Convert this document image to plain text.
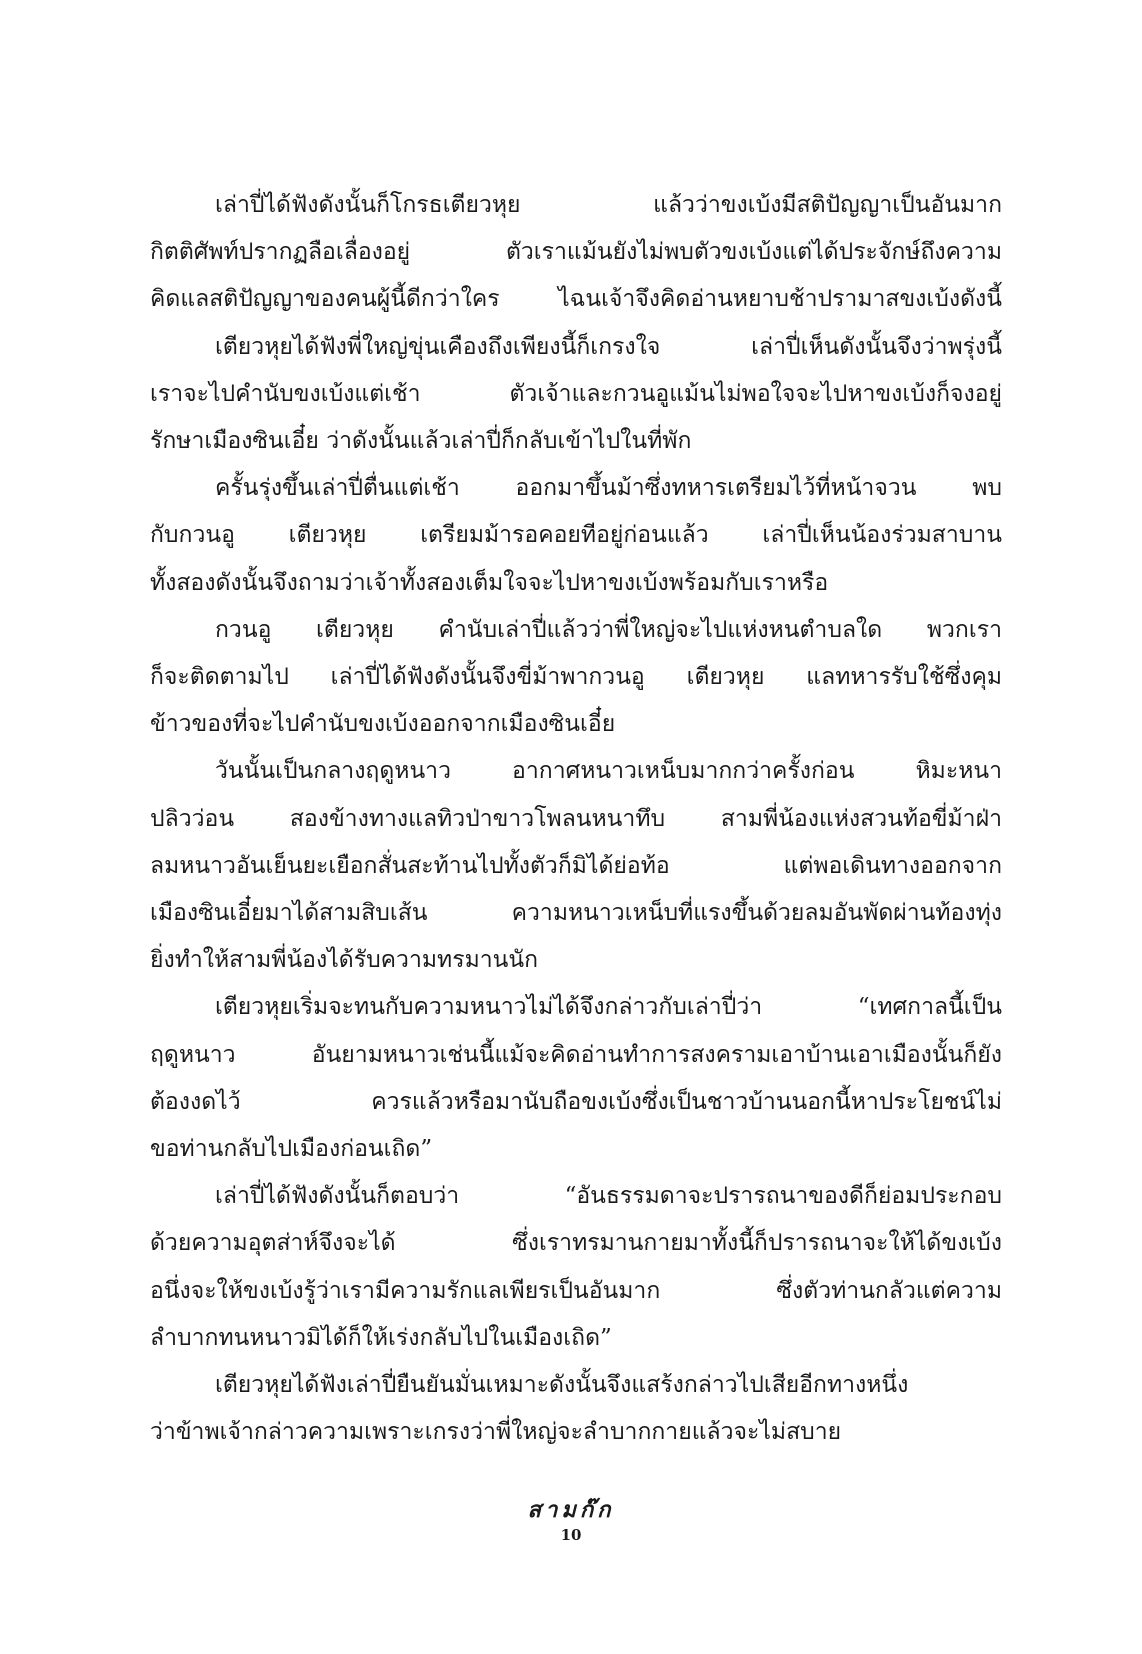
เล่าปี่ได้ฟังดังนั้นก็โกรธเตียวหุย แล้วว่าขงเบ้งมีสติปัญญาเป็นอันมาก
กิตติศัพท์ปรากฏลือเลื่องอยู่ ตัวเราแม้นยังไม่พบตัวขงเบ้งแต่ได้ประจักษ์ถึงความ
คิดแลสติปัญญาของคนผู้นี้ดีกว่าใคร ไฉนเจ้าจึงคิดอ่านหยาบช้าปรามาสขงเบ้งดังนี้
เตียวหุยได้ฟังพี่ใหญ่ขุ่นเคืองถึงเพียงนี้ก็เกรงใจ เล่าปี่เห็นดังนั้นจึงว่าพรุ่งนี้
เราจะไปคำนับขงเบ้งแต่เช้า ตัวเจ้าและกวนอูแม้นไม่พอใจจะไปหาขงเบ้งก็จงอยู่
รักษาเมืองซินเอี๋ย ว่าดังนั้นแล้วเล่าปี่ก็กลับเข้าไปในที่พัก
ครั้นรุ่งขึ้นเล่าปี่ตื่นแต่เช้า ออกมาขึ้นม้าซึ่งทหารเตรียมไว้ที่หน้าจวน พบ
กับกวนอู เตียวหุย เตรียมม้ารอคอยทีอยู่ก่อนแล้ว เล่าปี่เห็นน้องร่วมสาบาน
ทั้งสองดังนั้นจึงถามว่าเจ้าทั้งสองเต็มใจจะไปหาขงเบ้งพร้อมกับเราหรือ
กวนอู เตียวหุย คำนับเล่าปี่แล้วว่าพี่ใหญ่จะไปแห่งหนตำบลใด พวกเรา
ก็จะติดตามไป เล่าปี่ได้ฟังดังนั้นจึงขี่ม้าพากวนอู เตียวหุย แลทหารรับใช้ซึ่งคุม
ข้าวของที่จะไปคำนับขงเบ้งออกจากเมืองซินเอี๋ย
วันนั้นเป็นกลางฤดูหนาว อากาศหนาวเหน็บมากกว่าครั้งก่อน หิมะหนา
ปลิวว่อน สองข้างทางแลทิวป่าขาวโพลนหนาทึบ สามพี่น้องแห่งสวนท้อขี่ม้าฝ่า
ลมหนาวอันเย็นยะเยือกสั่นสะท้านไปทั้งตัวก็มิได้ย่อท้อ แต่พอเดินทางออกจาก
เมืองซินเอี๋ยมาได้สามสิบเส้น ความหนาวเหน็บที่แรงขึ้นด้วยลมอันพัดผ่านท้องทุ่ง
ยิ่งทำให้สามพี่น้องได้รับความทรมานนัก
เตียวหุยเริ่มจะทนกับความหนาวไม่ได้จึงกล่าวกับเล่าปี่ว่า “เทศกาลนี้เป็น
ฤดูหนาว อันยามหนาวเช่นนี้แม้จะคิดอ่านทำการสงครามเอาบ้านเอาเมืองนั้นก็ยัง
ต้องงดไว้ ควรแล้วหรือมานับถือขงเบ้งซึ่งเป็นชาวบ้านนอกนี้หาประโยชน์ไม่
ขอท่านกลับไปเมืองก่อนเถิด”
เล่าปี่ได้ฟังดังนั้นก็ตอบว่า “อันธรรมดาจะปรารถนาของดีก็ย่อมประกอบ
ด้วยความอุตส่าห์จึงจะได้ ซึ่งเราทรมานกายมาทั้งนี้ก็ปรารถนาจะให้ได้ขงเบ้ง
อนึ่งจะให้ขงเบ้งรู้ว่าเรามีความรักแลเพียรเป็นอันมาก ซึ่งตัวท่านกลัวแต่ความ
ลำบากทนหนาวมิได้ก็ให้เร่งกลับไปในเมืองเถิด”
เตียวหุยได้ฟังเล่าปี่ยืนยันมั่นเหมาะดังนั้นจึงแสร้งกล่าวไปเสียอีกทางหนึ่ง
ว่าข้าพเจ้ากล่าวความเพราะเกรงว่าพี่ใหญ่จะลำบากกายแล้วจะไม่สบาย
สามก๊ก
10
